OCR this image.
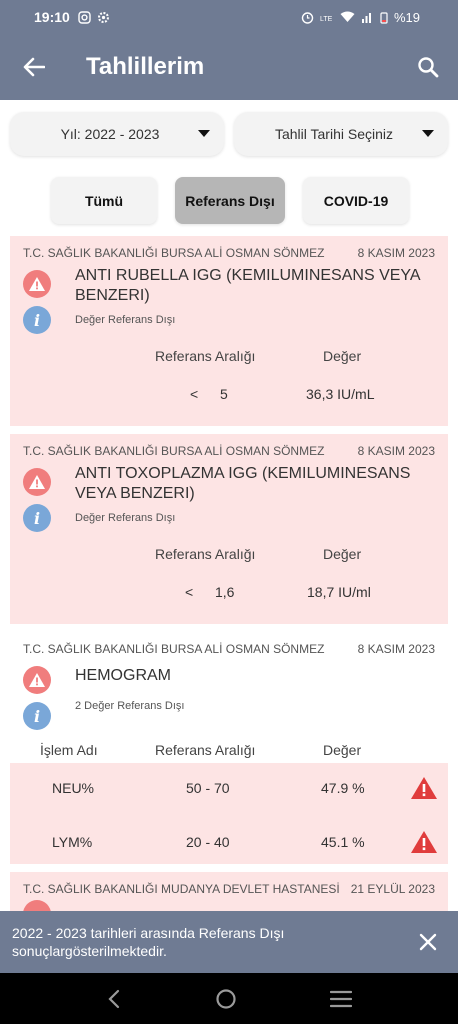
19:10	LTE	%19
Tahlillerim
Yıl: 2022 - 2023	Tahlil Tarihi Seçiniz
Tümü	Referans Dışı	COVID-19
T.C. SAĞLIK BAKANLIĞI BURSA ALİ OSMAN SÖNMEZ	8 KASIM 2023
i
ANTI RUBELLA IGG (KEMILUMINESANS VEYA BENZERI)
Değer Referans Dışı
Referans Aralığı	Değer
<	5	36,3 IU/mL
T.C. SAĞLIK BAKANLIĞI BURSA ALİ OSMAN SÖNMEZ	8 KASIM 2023
i
ANTI TOXOPLAZMA IGG (KEMILUMINESANS VEYA BENZERI)
Değer Referans Dışı
Referans Aralığı	Değer
<	1,6	18,7 IU/ml
T.C. SAĞLIK BAKANLIĞI BURSA ALİ OSMAN SÖNMEZ	8 KASIM 2023
i
HEMOGRAM
2 Değer Referans Dışı
İşlem Adı	Referans Aralığı	Değer
NEU%	50 - 70	47.9 %
LYM%	20 - 40	45.1 %
T.C. SAĞLIK BAKANLIĞI MUDANYA DEVLET HASTANESİ 21 EYLÜL 2023
2022 - 2023 tarihleri arasında Referans Dışı sonuçlargösterilmektedir.
